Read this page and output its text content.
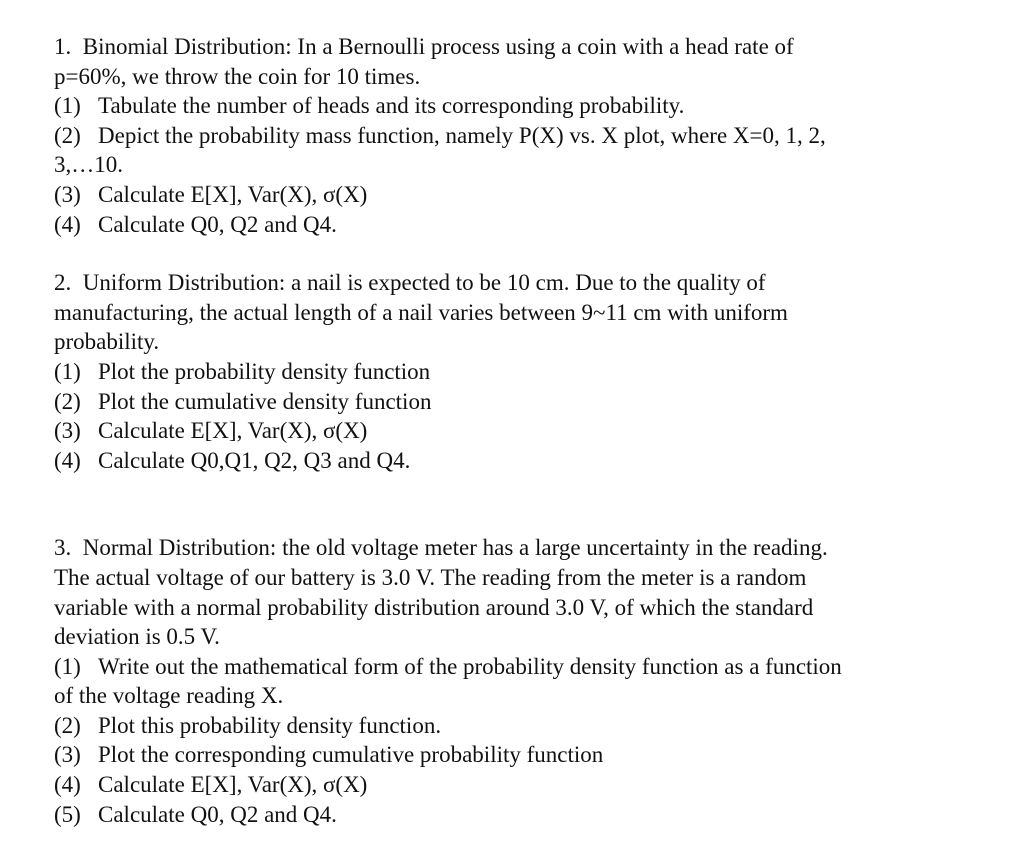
1. Binomial Distribution: In a Bernoulli process using a coin with a head rate of
p=60%, we throw the coin for 10 times.
(1) Tabulate the number of heads and its corresponding probability.
(2) Depict the probability mass function, namely P(X) vs. X plot, where X=0, 1, 2,
3,…10.
(3) Calculate E[X], Var(X), σ(X)
(4) Calculate Q0, Q2 and Q4.
2. Uniform Distribution: a nail is expected to be 10 cm. Due to the quality of
manufacturing, the actual length of a nail varies between 9~11 cm with uniform
probability.
(1) Plot the probability density function
(2) Plot the cumulative density function
(3) Calculate E[X], Var(X), σ(X)
(4) Calculate Q0,Q1, Q2, Q3 and Q4.
3. Normal Distribution: the old voltage meter has a large uncertainty in the reading.
The actual voltage of our battery is 3.0 V. The reading from the meter is a random
variable with a normal probability distribution around 3.0 V, of which the standard
deviation is 0.5 V.
(1) Write out the mathematical form of the probability density function as a function
of the voltage reading X.
(2) Plot this probability density function.
(3) Plot the corresponding cumulative probability function
(4) Calculate E[X], Var(X), σ(X)
(5) Calculate Q0, Q2 and Q4.
